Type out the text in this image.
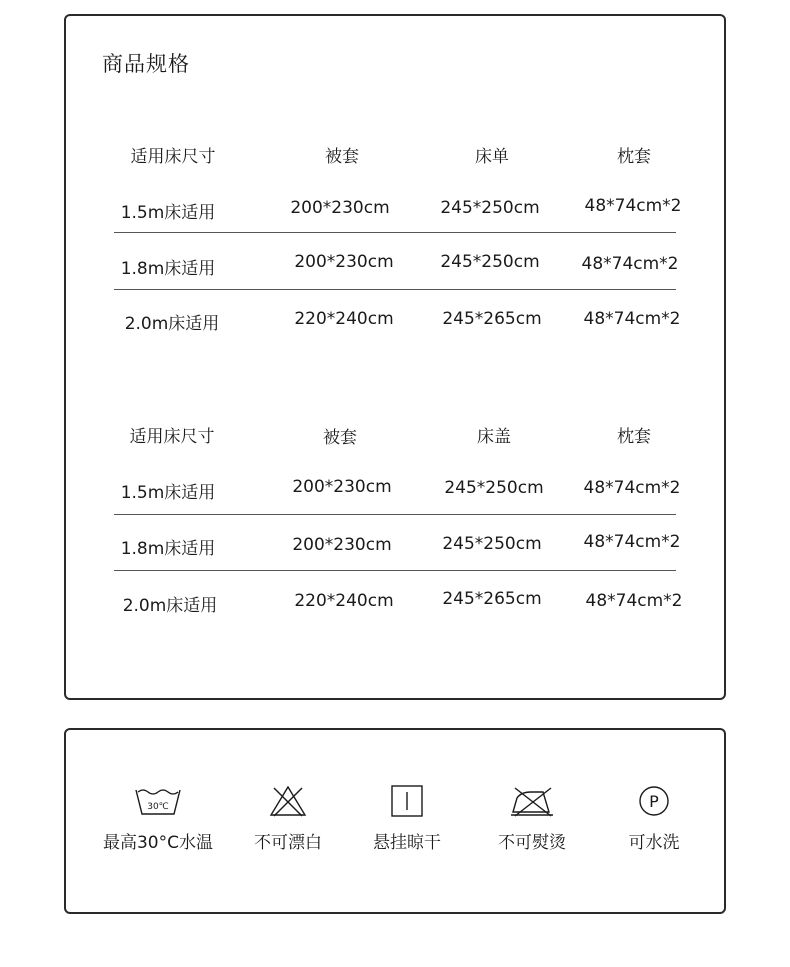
商品规格
适用床尺寸	被套	床单	枕套
1.5m床适用	200*230cm	245*250cm	48*74cm*2
1.8m床适用	200*230cm	245*250cm 48*74cm*2
2.0m床适用	220*240cm	245*265cm 48*74cm*2
适用床尺寸	被套	床盖	枕套
1.5m床适用	200*230cm	245*250cm 48*74cm*2
1.8m床适用	200*230cm	245*250cm 48*74cm*2
2.0m床适用	220*240cm	245*265cm	48*74cm*2
30℃
最高30°C水温	不可漂白	悬挂晾干	不可熨烫
P
可水洗
